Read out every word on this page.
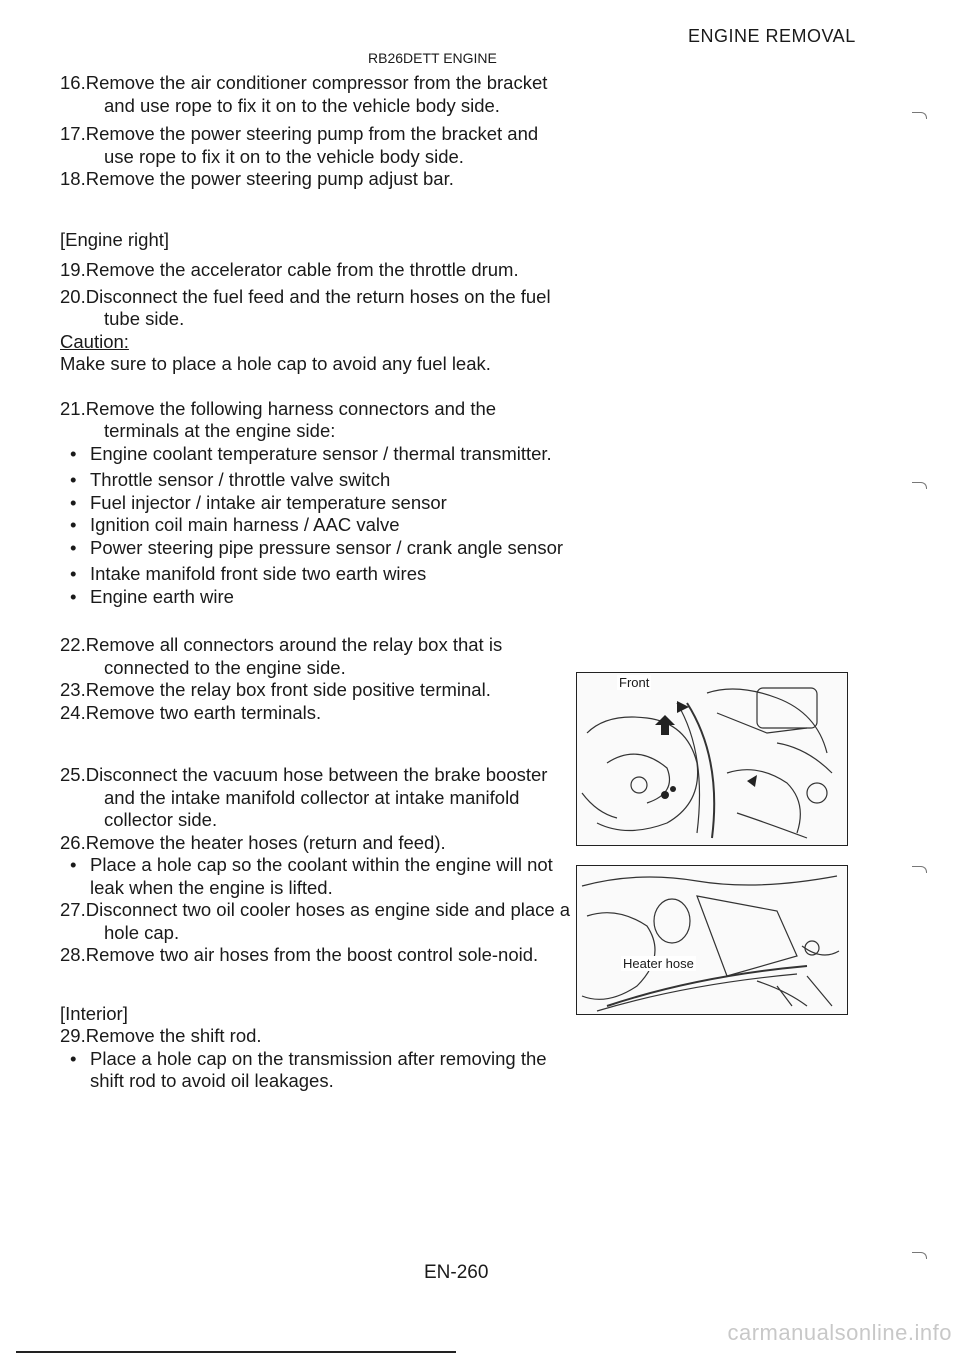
ENGINE REMOVAL
RB26DETT ENGINE

16.Remove the air conditioner compressor from the bracket and use rope to fix it on to the vehicle body side.

17.Remove the power steering pump from the bracket and use rope to fix it on to the vehicle body side.

18.Remove the power steering pump adjust bar.

[Engine right]

19.Remove the accelerator cable from the throttle drum.

20.Disconnect the fuel feed and the return hoses on the fuel tube side.

Caution:

Make sure to place a hole cap to avoid any fuel leak.

21.Remove the following harness connectors and the terminals at the engine side:

• Engine coolant temperature sensor / thermal transmitter.

• Throttle sensor / throttle valve switch

• Fuel injector / intake air temperature sensor

• Ignition coil main harness / AAC valve

• Power steering pipe pressure sensor / crank angle sensor

• Intake manifold front side two earth wires

• Engine earth wire

22.Remove all connectors around the relay box that is connected to the engine side.

23.Remove the relay box front side positive terminal.

24.Remove two earth terminals.

25.Disconnect the vacuum hose between the brake booster and the intake manifold collector at intake manifold collector side.

26.Remove the heater hoses (return and feed).

• Place a hole cap so the coolant within the engine will not leak when the engine is lifted.

27.Disconnect two oil cooler hoses as engine side and place a hole cap.

28.Remove two air hoses from the boost control sole-noid.

[Interior]

29.Remove the shift rod.

• Place a hole cap on the transmission after removing the shift rod to avoid oil leakages.

Front
Heater hose
EN-260
carmanualsonline.info
